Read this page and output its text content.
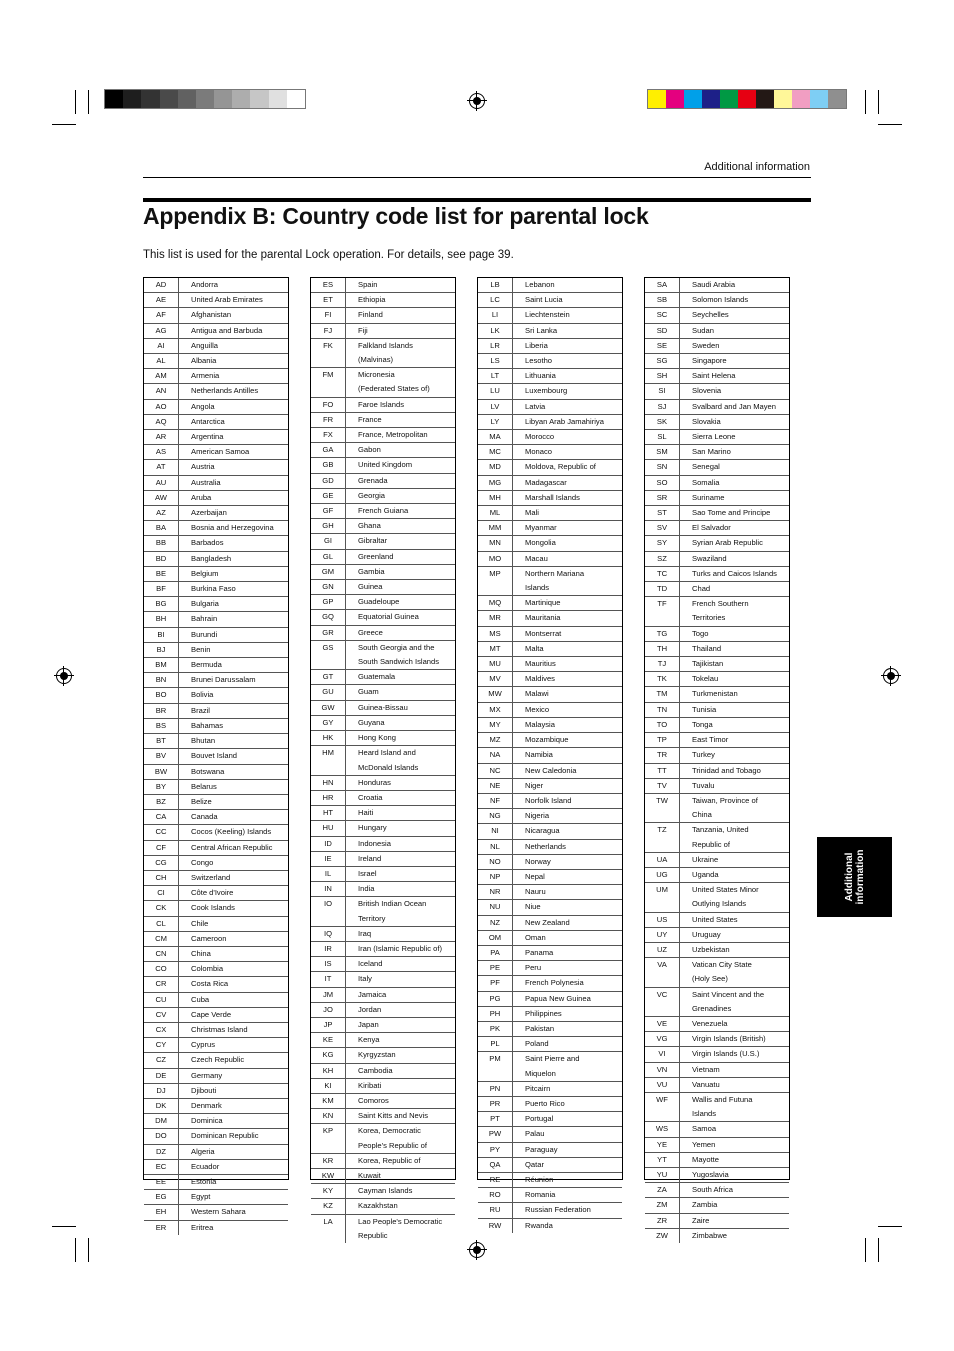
Additional information
Appendix B: Country code list for parental lock
This list is used for the parental Lock operation. For details, see page 39.
AD	Andorra
AE	United Arab Emirates
AF	Afghanistan
AG	Antigua and Barbuda
AI	Anguilla
AL	Albania
AM	Armenia
AN	Netherlands Antilles
AO	Angola
AQ	Antarctica
AR	Argentina
AS	American Samoa
AT	Austria
AU	Australia
AW	Aruba
AZ	Azerbaijan
BA	Bosnia and Herzegovina
BB	Barbados
BD	Bangladesh
BE	Belgium
BF	Burkina Faso
BG	Bulgaria
BH	Bahrain
BI	Burundi
BJ	Benin
BM	Bermuda
BN	Brunei Darussalam
BO	Bolivia
BR	Brazil
BS	Bahamas
BT	Bhutan
BV	Bouvet Island
BW	Botswana
BY	Belarus
BZ	Belize
CA	Canada
CC	Cocos (Keeling) Islands
CF	Central African Republic
CG	Congo
CH	Switzerland
CI	Côte d'Ivoire
CK	Cook Islands
CL	Chile
CM	Cameroon
CN	China
CO	Colombia
CR	Costa Rica
CU	Cuba
CV	Cape Verde
CX	Christmas Island
CY	Cyprus
CZ	Czech Republic
DE	Germany
DJ	Djibouti
DK	Denmark
DM	Dominica
DO	Dominican Republic
DZ	Algeria
EC	Ecuador
EE	Estonia
EG	Egypt
EH	Western Sahara
ER	Eritrea
ES	Spain
ET	Ethiopia
FI	Finland
FJ	Fiji
FK	Falkland Islands
(Malvinas)
FM	Micronesia
(Federated States of)
FO	Faroe Islands
FR	France
FX	France, Metropolitan
GA	Gabon
GB	United Kingdom
GD	Grenada
GE	Georgia
GF	French Guiana
GH	Ghana
GI	Gibraltar
GL	Greenland
GM	Gambia
GN	Guinea
GP	Guadeloupe
GQ	Equatorial Guinea
GR	Greece
GS	South Georgia and the
South Sandwich Islands
GT	Guatemala
GU	Guam
GW	Guinea-Bissau
GY	Guyana
HK	Hong Kong
HM	Heard Island and
McDonald Islands
HN	Honduras
HR	Croatia
HT	Haiti
HU	Hungary
ID	Indonesia
IE	Ireland
IL	Israel
IN	India
IO	British Indian Ocean
Territory
IQ	Iraq
IR	Iran (Islamic Republic of)
IS	Iceland
IT	Italy
JM	Jamaica
JO	Jordan
JP	Japan
KE	Kenya
KG	Kyrgyzstan
KH	Cambodia
KI	Kiribati
KM	Comoros
KN	Saint Kitts and Nevis
KP	Korea, Democratic
People's Republic of
KR	Korea, Republic of
KW	Kuwait
KY	Cayman Islands
KZ	Kazakhstan
LA	Lao People's Democratic
Republic
LB	Lebanon
LC	Saint Lucia
LI	Liechtenstein
LK	Sri Lanka
LR	Liberia
LS	Lesotho
LT	Lithuania
LU	Luxembourg
LV	Latvia
LY	Libyan Arab Jamahiriya
MA	Morocco
MC	Monaco
MD	Moldova, Republic of
MG	Madagascar
MH	Marshall Islands
ML	Mali
MM	Myanmar
MN	Mongolia
MO	Macau
MP	Northern Mariana
Islands
MQ	Martinique
MR	Mauritania
MS	Montserrat
MT	Malta
MU	Mauritius
MV	Maldives
MW	Malawi
MX	Mexico
MY	Malaysia
MZ	Mozambique
NA	Namibia
NC	New Caledonia
NE	Niger
NF	Norfolk Island
NG	Nigeria
NI	Nicaragua
NL	Netherlands
NO	Norway
NP	Nepal
NR	Nauru
NU	Niue
NZ	New Zealand
OM	Oman
PA	Panama
PE	Peru
PF	French Polynesia
PG	Papua New Guinea
PH	Philippines
PK	Pakistan
PL	Poland
PM	Saint Pierre and
Miquelon
PN	Pitcairn
PR	Puerto Rico
PT	Portugal
PW	Palau
PY	Paraguay
QA	Qatar
RE	Réunion
RO	Romania
RU	Russian Federation
RW	Rwanda
SA	Saudi Arabia
SB	Solomon Islands
SC	Seychelles
SD	Sudan
SE	Sweden
SG	Singapore
SH	Saint Helena
SI	Slovenia
SJ	Svalbard and Jan Mayen
SK	Slovakia
SL	Sierra Leone
SM	San Marino
SN	Senegal
SO	Somalia
SR	Suriname
ST	Sao Tome and Principe
SV	El Salvador
SY	Syrian Arab Republic
SZ	Swaziland
TC	Turks and Caicos Islands
TD	Chad
TF	French Southern
Territories
TG	Togo
TH	Thailand
TJ	Tajikistan
TK	Tokelau
TM	Turkmenistan
TN	Tunisia
TO	Tonga
TP	East Timor
TR	Turkey
TT	Trinidad and Tobago
TV	Tuvalu
TW	Taiwan, Province of
China
TZ	Tanzania, United
Republic of
UA	Ukraine
UG	Uganda
UM	United States Minor
Outlying Islands
US	United States
UY	Uruguay
UZ	Uzbekistan
VA	Vatican City State
(Holy See)
VC	Saint Vincent and the
Grenadines
VE	Venezuela
VG	Virgin Islands (British)
VI	Virgin Islands (U.S.)
VN	Vietnam
VU	Vanuatu
WF	Wallis and Futuna
Islands
WS	Samoa
YE	Yemen
YT	Mayotte
YU	Yugoslavia
ZA	South Africa
ZM	Zambia
ZR	Zaire
ZW	Zimbabwe
Additional
information
